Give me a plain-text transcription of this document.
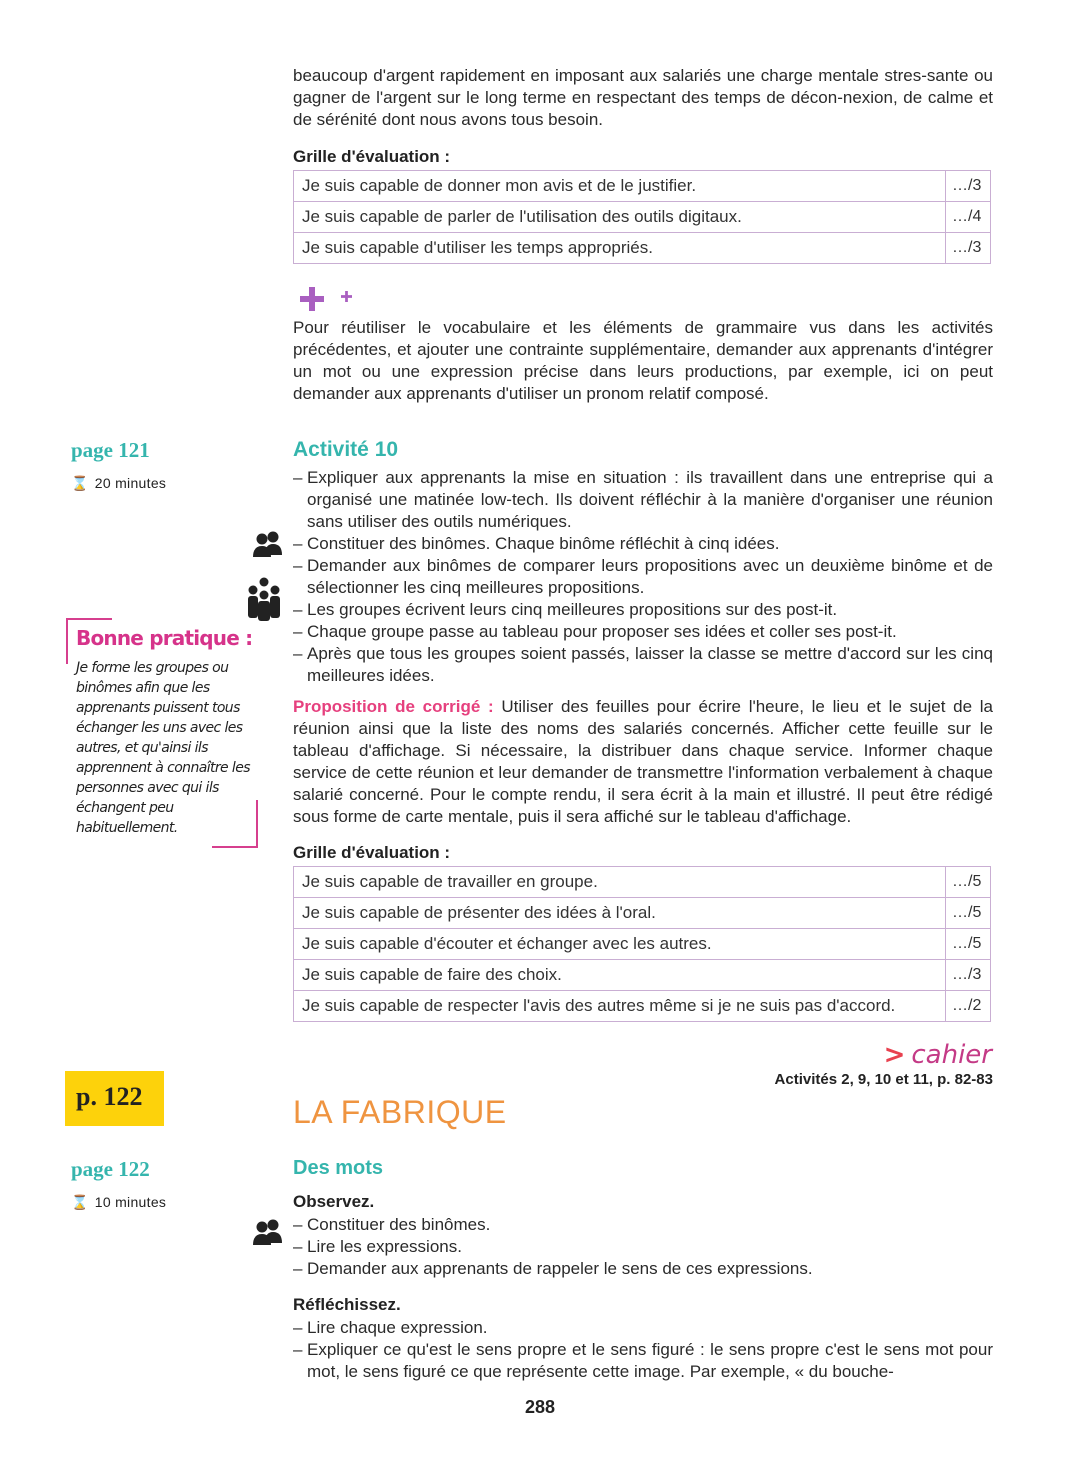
beaucoup d'argent rapidement en imposant aux salariés une charge mentale stres-sante ou gagner de l'argent sur le long terme en respectant des temps de décon-nexion, de calme et de sérénité dont nous avons tous besoin.
Grille d'évaluation :
Je suis capable de donner mon avis et de le justifier.	…/3
Je suis capable de parler de l'utilisation des outils digitaux.	…/4
Je suis capable d'utiliser les temps appropriés.	…/3
Pour réutiliser le vocabulaire et les éléments de grammaire vus dans les activités précédentes, et ajouter une contrainte supplémentaire, demander aux apprenants d'intégrer un mot ou une expression précise dans leurs productions, par exemple, ici on peut demander aux apprenants d'utiliser un pronom relatif composé.
page 121
⌛ 20 minutes
Activité 10
– Expliquer aux apprenants la mise en situation : ils travaillent dans une entreprise qui a organisé une matinée low-tech. Ils doivent réfléchir à la manière d'organiser une réunion sans utiliser des outils numériques.
– Constituer des binômes. Chaque binôme réfléchit à cinq idées.
– Demander aux binômes de comparer leurs propositions avec un deuxième binôme et de sélectionner les cinq meilleures propositions.
– Les groupes écrivent leurs cinq meilleures propositions sur des post-it.
– Chaque groupe passe au tableau pour proposer ses idées et coller ses post-it.
– Après que tous les groupes soient passés, laisser la classe se mettre d'accord sur les cinq meilleures idées.
Bonne pratique :
Je forme les groupes ou binômes afin que les apprenants puissent tous échanger les uns avec les autres, et qu'ainsi ils apprennent à connaître les personnes avec qui ils échangent peu habituellement.
Proposition de corrigé : Utiliser des feuilles pour écrire l'heure, le lieu et le sujet de la réunion ainsi que la liste des noms des salariés concernés. Afficher cette feuille sur le tableau d'affichage. Si nécessaire, la distribuer dans chaque service. Informer chaque service de cette réunion et leur demander de transmettre l'information verbalement à chaque salarié concerné. Pour le compte rendu, il sera écrit à la main et illustré. Il peut être rédigé sous forme de carte mentale, puis il sera affiché sur le tableau d'affichage.
Grille d'évaluation :
Je suis capable de travailler en groupe.	…/5
Je suis capable de présenter des idées à l'oral.	…/5
Je suis capable d'écouter et échanger avec les autres.	…/5
Je suis capable de faire des choix.	…/3
Je suis capable de respecter l'avis des autres même si je ne suis pas d'accord.	…/2
> cahier
Activités 2, 9, 10 et 11, p. 82-83
p. 122	LA FABRIQUE
page 122
⌛ 10 minutes
Des mots
Observez.
– Constituer des binômes.
– Lire les expressions.
– Demander aux apprenants de rappeler le sens de ces expressions.
Réfléchissez.
– Lire chaque expression.
– Expliquer ce qu'est le sens propre et le sens figuré : le sens propre c'est le sens mot pour mot, le sens figuré ce que représente cette image. Par exemple, « du bouche-
288
